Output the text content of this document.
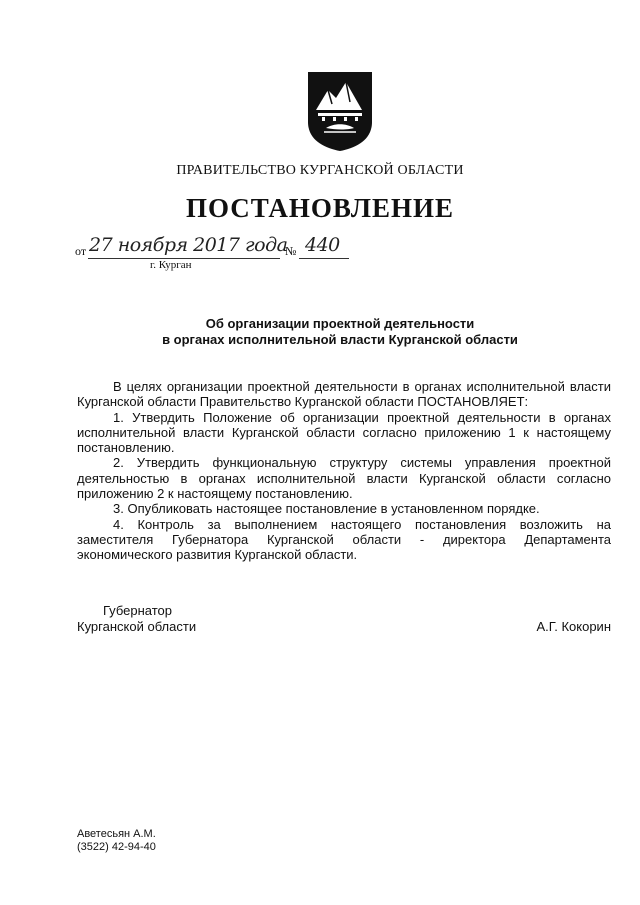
ПРАВИТЕЛЬСТВО КУРГАНСКОЙ ОБЛАСТИ
ПОСТАНОВЛЕНИЕ
от 27 ноября 2017 года
№ 440
г. Курган
Об организации проектной деятельности
в органах исполнительной власти Курганской области

В целях организации проектной деятельности в органах исполнительной власти Курганской области Правительство Курганской области ПОСТАНОВЛЯЕТ:

1. Утвердить Положение об организации проектной деятельности в органах исполнительной власти Курганской области согласно приложению 1 к настоящему постановлению.

2. Утвердить функциональную структуру системы управления проектной деятельностью в органах исполнительной власти Курганской области согласно приложению 2 к настоящему постановлению.

3. Опубликовать настоящее постановление в установленном порядке.

4. Контроль за выполнением настоящего постановления возложить на заместителя Губернатора Курганской области - директора Департамента экономического развития Курганской области.

Губернатор
Курганской области	А.Г. Кокорин
Аветесьян А.М.
(3522) 42-94-40
